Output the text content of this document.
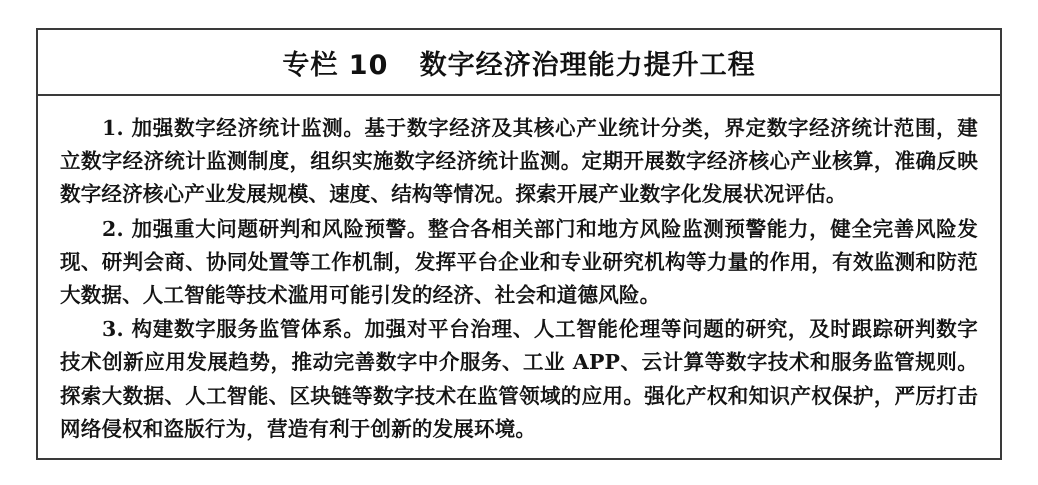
专栏 10   数字经济治理能力提升工程

1. 加强数字经济统计监测。基于数字经济及其核心产业统计分类，界定数字经济统计范围，建立数字经济统计监测制度，组织实施数字经济统计监测。定期开展数字经济核心产业核算，准确反映数字经济核心产业发展规模、速度、结构等情况。探索开展产业数字化发展状况评估。

2. 加强重大问题研判和风险预警。整合各相关部门和地方风险监测预警能力，健全完善风险发现、研判会商、协同处置等工作机制，发挥平台企业和专业研究机构等力量的作用，有效监测和防范大数据、人工智能等技术滥用可能引发的经济、社会和道德风险。

3. 构建数字服务监管体系。加强对平台治理、人工智能伦理等问题的研究，及时跟踪研判数字技术创新应用发展趋势，推动完善数字中介服务、工业 APP、云计算等数字技术和服务监管规则。探索大数据、人工智能、区块链等数字技术在监管领域的应用。强化产权和知识产权保护，严厉打击网络侵权和盗版行为，营造有利于创新的发展环境。
